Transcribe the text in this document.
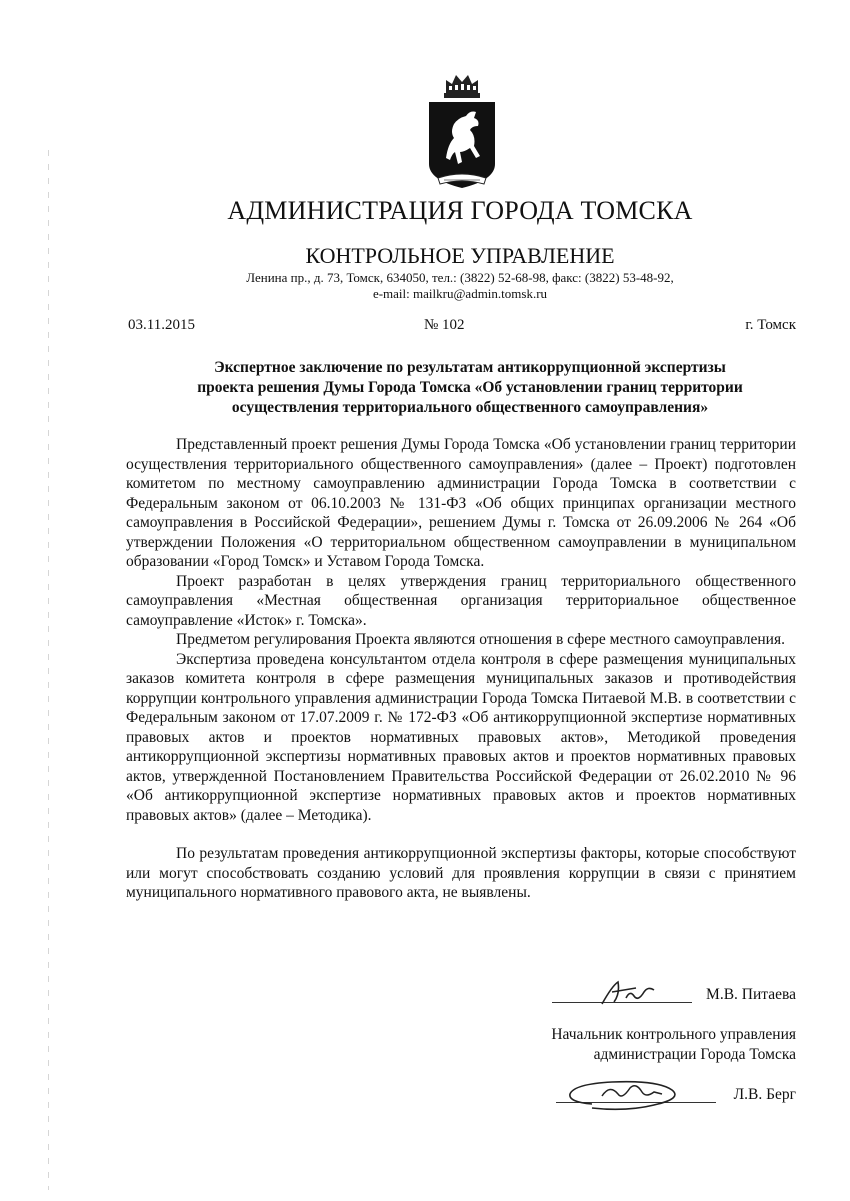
АДМИНИСТРАЦИЯ ГОРОДА ТОМСКА
КОНТРОЛЬНОЕ УПРАВЛЕНИЕ
Ленина пр., д. 73, Томск, 634050, тел.: (3822) 52-68-98, факс: (3822) 53-48-92,
e-mail: mailkru@admin.tomsk.ru
03.11.2015	№ 102	г. Томск
Экспертное заключение по результатам антикоррупционной экспертизы
проекта решения Думы Города Томска «Об установлении границ территории
осуществления территориального общественного самоуправления»

Представленный проект решения Думы Города Томска «Об установлении границ территории осуществления территориального общественного самоуправления» (далее – Проект) подготовлен комитетом по местному самоуправлению администрации Города Томска в соответствии с Федеральным законом от 06.10.2003 № 131-ФЗ «Об общих принципах организации местного самоуправления в Российской Федерации», решением Думы г. Томска от 26.09.2006 № 264 «Об утверждении Положения «О территориальном общественном самоуправлении в муниципальном образовании «Город Томск» и Уставом Города Томска.

Проект разработан в целях утверждения границ территориального общественного самоуправления «Местная общественная организация территориальное общественное самоуправление «Исток» г. Томска».

Предметом регулирования Проекта являются отношения в сфере местного самоуправления.

Экспертиза проведена консультантом отдела контроля в сфере размещения муниципальных заказов комитета контроля в сфере размещения муниципальных заказов и противодействия коррупции контрольного управления администрации Города Томска Питаевой М.В. в соответствии с Федеральным законом от 17.07.2009 г. № 172-ФЗ «Об антикоррупционной экспертизе нормативных правовых актов и проектов нормативных правовых актов», Методикой проведения антикоррупционной экспертизы нормативных правовых актов и проектов нормативных правовых актов, утвержденной Постановлением Правительства Российской Федерации от 26.02.2010 № 96 «Об антикоррупционной экспертизе нормативных правовых актов и проектов нормативных правовых актов» (далее – Методика).

По результатам проведения антикоррупционной экспертизы факторы, которые способствуют или могут способствовать созданию условий для проявления коррупции в связи с принятием муниципального нормативного правового акта, не выявлены.

М.В. Питаева
Начальник контрольного управления
администрации Города Томска
Л.В. Берг
